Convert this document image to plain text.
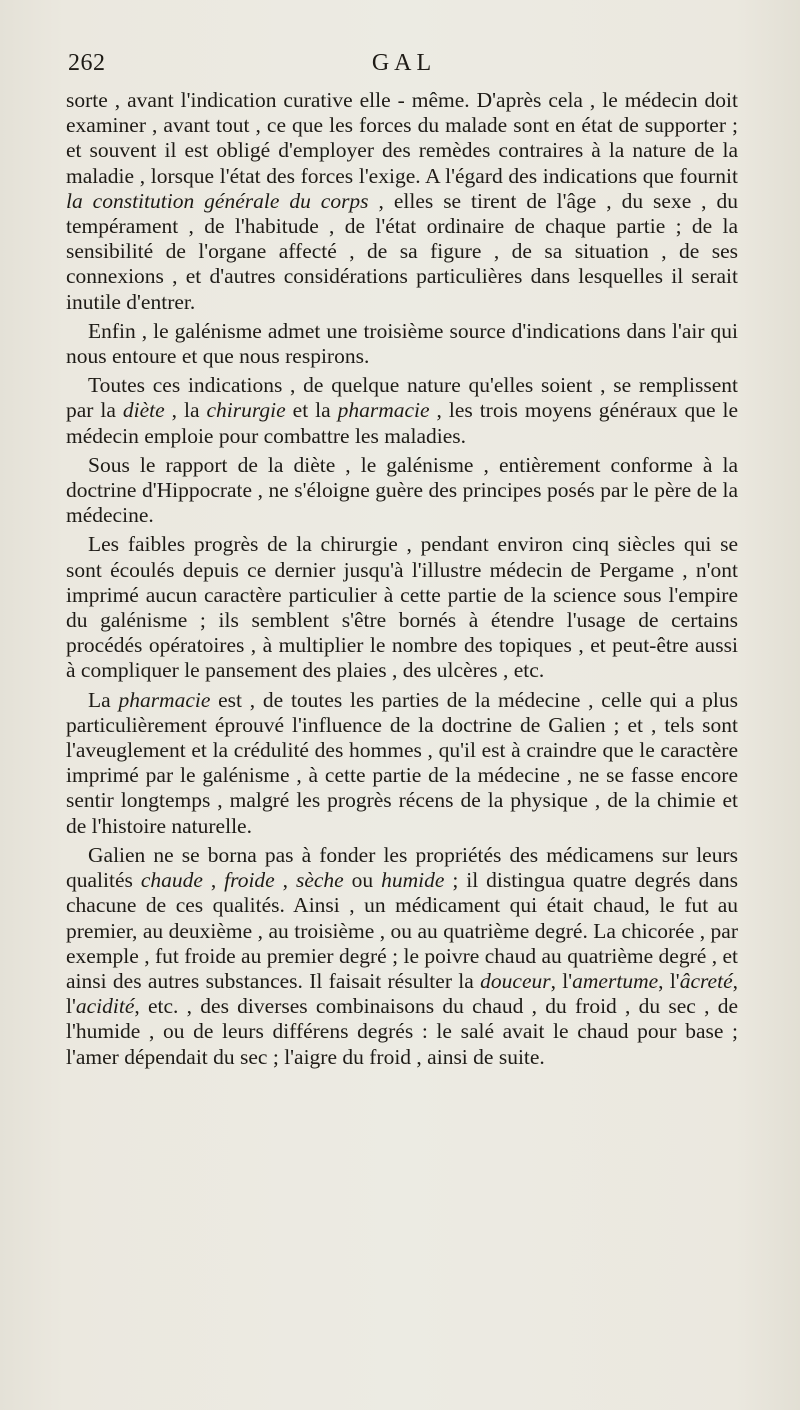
262	GAL

sorte , avant l'indication curative elle - même. D'après cela , le médecin doit examiner , avant tout , ce que les forces du malade sont en état de supporter ; et souvent il est obligé d'employer des remèdes contraires à la nature de la maladie , lorsque l'état des forces l'exige. A l'égard des indications que fournit la constitution générale du corps , elles se tirent de l'âge , du sexe , du tempérament , de l'habitude , de l'état ordinaire de chaque partie ; de la sensibilité de l'organe affecté , de sa figure , de sa situation , de ses connexions , et d'autres considérations particulières dans lesquelles il serait inutile d'entrer.

Enfin , le galénisme admet une troisième source d'indications dans l'air qui nous entoure et que nous respirons.

Toutes ces indications , de quelque nature qu'elles soient , se remplissent par la diète , la chirurgie et la pharmacie , les trois moyens généraux que le médecin emploie pour combattre les maladies.

Sous le rapport de la diète , le galénisme , entièrement conforme à la doctrine d'Hippocrate , ne s'éloigne guère des principes posés par le père de la médecine.

Les faibles progrès de la chirurgie , pendant environ cinq siècles qui se sont écoulés depuis ce dernier jusqu'à l'illustre médecin de Pergame , n'ont imprimé aucun caractère particulier à cette partie de la science sous l'empire du galénisme ; ils semblent s'être bornés à étendre l'usage de certains procédés opératoires , à multiplier le nombre des topiques , et peut-être aussi à compliquer le pansement des plaies , des ulcères , etc.

La pharmacie est , de toutes les parties de la médecine , celle qui a plus particulièrement éprouvé l'influence de la doctrine de Galien ; et , tels sont l'aveuglement et la crédulité des hommes , qu'il est à craindre que le caractère imprimé par le galénisme , à cette partie de la médecine , ne se fasse encore sentir longtemps , malgré les progrès récens de la physique , de la chimie et de l'histoire naturelle.

Galien ne se borna pas à fonder les propriétés des médicamens sur leurs qualités chaude , froide , sèche ou humide ; il distingua quatre degrés dans chacune de ces qualités. Ainsi , un médicament qui était chaud, le fut au premier, au deuxième , au troisième , ou au quatrième degré. La chicorée , par exemple , fut froide au premier degré ; le poivre chaud au quatrième degré , et ainsi des autres substances. Il faisait résulter la douceur, l'amertume, l'âcreté, l'acidité, etc. , des diverses combinaisons du chaud , du froid , du sec , de l'humide , ou de leurs différens degrés : le salé avait le chaud pour base ; l'amer dépendait du sec ; l'aigre du froid , ainsi de suite.
